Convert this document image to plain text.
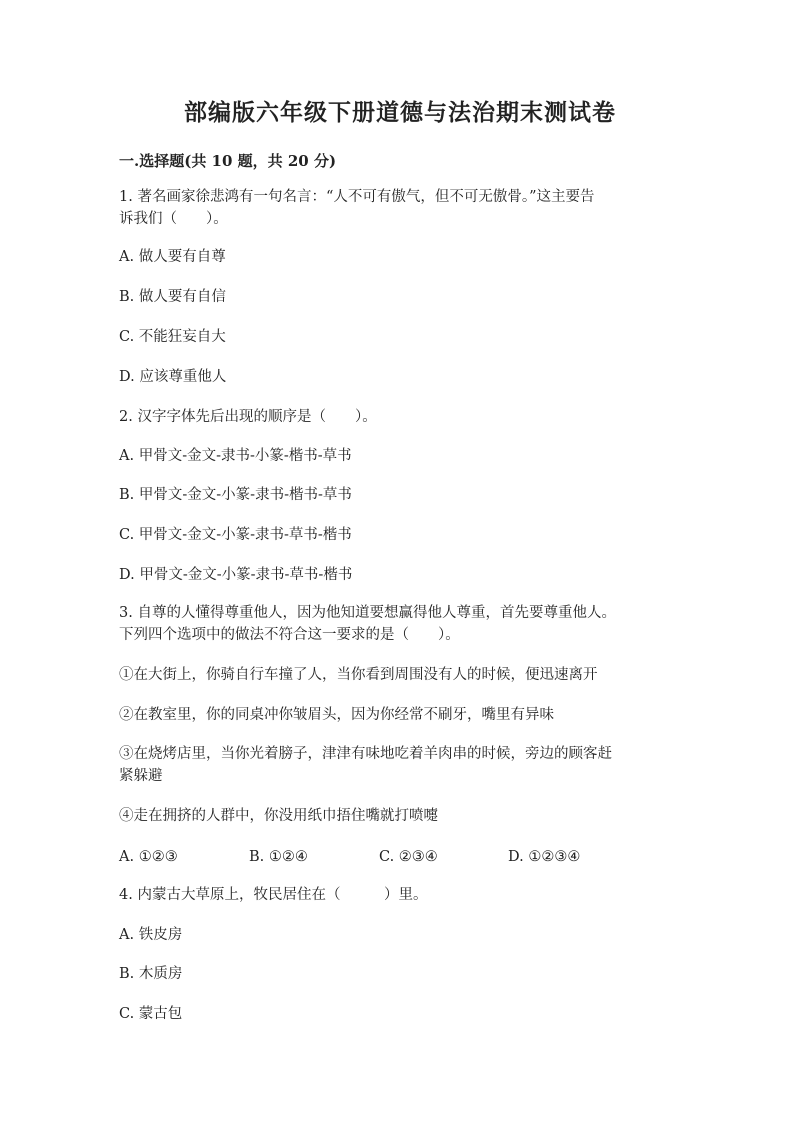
部编版六年级下册道德与法治期末测试卷
一.选择题(共 10 题，共 20 分)
1. 著名画家徐悲鸿有一句名言：“人不可有傲气，但不可无傲骨。”这主要告
诉我们（　　）。
A. 做人要有自尊
B. 做人要有自信
C. 不能狂妄自大
D. 应该尊重他人
2. 汉字字体先后出现的顺序是（　　）。
A. 甲骨文-金文-隶书-小篆-楷书-草书
B. 甲骨文-金文-小篆-隶书-楷书-草书
C. 甲骨文-金文-小篆-隶书-草书-楷书
D. 甲骨文-金文-小篆-隶书-草书-楷书
3. 自尊的人懂得尊重他人，因为他知道要想赢得他人尊重，首先要尊重他人。
下列四个选项中的做法不符合这一要求的是（　　）。
①在大街上，你骑自行车撞了人，当你看到周围没有人的时候，便迅速离开
②在教室里，你的同桌冲你皱眉头，因为你经常不刷牙，嘴里有异味
③在烧烤店里，当你光着膀子，津津有味地吃着羊肉串的时候，旁边的顾客赶
紧躲避
④走在拥挤的人群中，你没用纸巾捂住嘴就打喷嚏
A. ①②③	B. ①②④	C. ②③④	D. ①②③④
4. 内蒙古大草原上，牧民居住在（　　　）里。
A. 铁皮房
B. 木质房
C. 蒙古包
